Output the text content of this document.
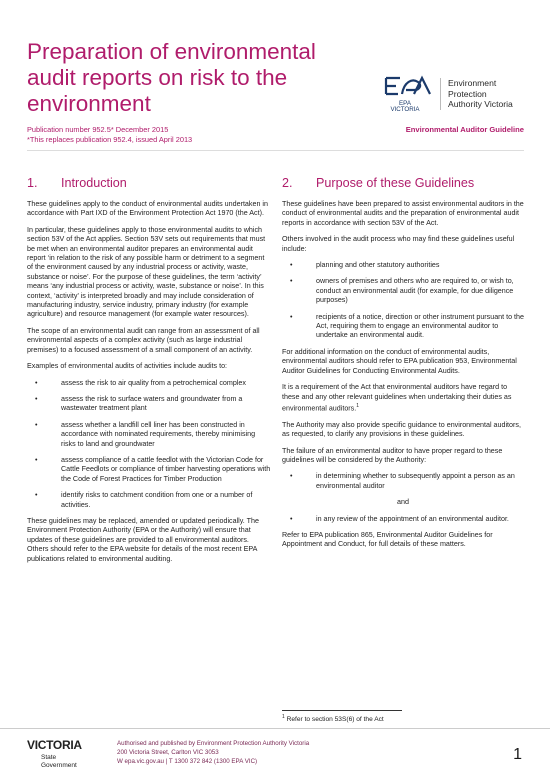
Preparation of environmental audit reports on risk to the environment	EPA
VICTORIA
Environment
Protection
Authority Victoria
Publication number 952.5* December 2015
*This replaces publication 952.4, issued April 2013
Environmental Auditor Guideline
1. Introduction

These guidelines apply to the conduct of environmental audits undertaken in accordance with Part IXD of the Environment Protection Act 1970 (the Act).

In particular, these guidelines apply to those environmental audits to which section 53V of the Act applies. Section 53V sets out requirements that must be met when an environmental auditor prepares an environmental audit report ‘in relation to the risk of any possible harm or detriment to a segment of the environment caused by any industrial process or activity, waste, substance or noise’. For the purpose of these guidelines, the term ‘activity’ means ‘any industrial process or activity, waste, substance or noise’. In this context, ‘activity’ is interpreted broadly and may include consideration of manufacturing industry, service industry, primary industry (for example agriculture) and resource management (for example water resources).

The scope of an environmental audit can range from an assessment of all environmental aspects of a complex activity (such as large industrial premises) to a focused assessment of a small component of an activity.

Examples of environmental audits of activities include audits to:

• assess the risk to air quality from a petrochemical complex
• assess the risk to surface waters and groundwater from a wastewater treatment plant
• assess whether a landfill cell liner has been constructed in accordance with nominated requirements, thereby minimising risks to land and groundwater
• assess compliance of a cattle feedlot with the Victorian Code for Cattle Feedlots or compliance of timber harvesting operations with the Code of Forest Practices for Timber Production
• identify risks to catchment condition from one or a number of activities.

These guidelines may be replaced, amended or updated periodically. The Environment Protection Authority (EPA or the Authority) will ensure that updates of these guidelines are provided to all environmental auditors. Others should refer to the EPA website for details of the most recent EPA publications related to environmental auditing.

2. Purpose of these Guidelines

These guidelines have been prepared to assist environmental auditors in the conduct of environmental audits and the preparation of environmental audit reports in accordance with section 53V of the Act.

Others involved in the audit process who may find these guidelines useful include:

• planning and other statutory authorities
• owners of premises and others who are required to, or wish to, conduct an environmental audit (for example, for due diligence purposes)
• recipients of a notice, direction or other instrument pursuant to the Act, requiring them to engage an environmental auditor to undertake an environmental audit.

For additional information on the conduct of environmental audits, environmental auditors should refer to EPA publication 953, Environmental Auditor Guidelines for Conducting Environmental Audits.

It is a requirement of the Act that environmental auditors have regard to these and any other relevant guidelines when undertaking their duties as environmental auditors.$^1$

The Authority may also provide specific guidance to environmental auditors, as requested, to clarify any provisions in these guidelines.

The failure of an environmental auditor to have proper regard to these guidelines will be considered by the Authority:

• in determining whether to subsequently appoint a person as an environmental auditor
and
• in any review of the appointment of an environmental auditor.

Refer to EPA publication 865, Environmental Auditor Guidelines for Appointment and Conduct, for full details of these matters.

$^1$ Refer to section 53S(6) of the Act
VICTORIA
State
Government
Authorised and published by Environment Protection Authority Victoria
200 Victoria Street, Carlton VIC 3053
W epa.vic.gov.au | T 1300 372 842 (1300 EPA VIC)	1
